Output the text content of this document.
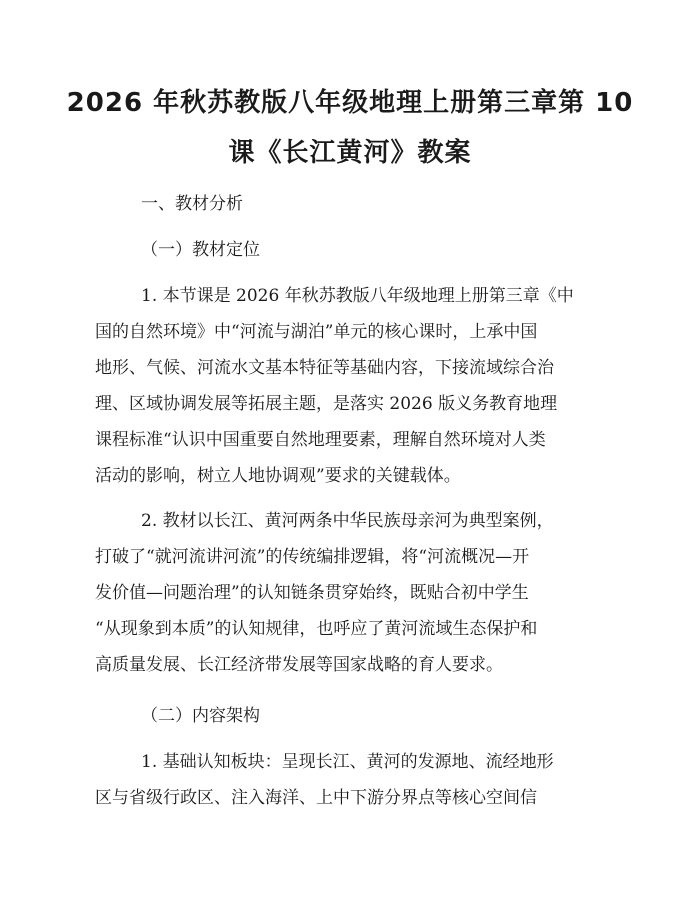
2026 年秋苏教版八年级地理上册第三章第 10
课《长江黄河》教案

一、教材分析

（一）教材定位

1. 本节课是 2026 年秋苏教版八年级地理上册第三章《中
国的自然环境》中“河流与湖泊”单元的核心课时，上承中国
地形、气候、河流水文基本特征等基础内容，下接流域综合治
理、区域协调发展等拓展主题，是落实 2026 版义务教育地理
课程标准“认识中国重要自然地理要素，理解自然环境对人类
活动的影响，树立人地协调观”要求的关键载体。
2. 教材以长江、黄河两条中华民族母亲河为典型案例，
打破了“就河流讲河流”的传统编排逻辑，将“河流概况—开
发价值—问题治理”的认知链条贯穿始终，既贴合初中学生
“从现象到本质”的认知规律，也呼应了黄河流域生态保护和
高质量发展、长江经济带发展等国家战略的育人要求。

（二）内容架构

1. 基础认知板块：呈现长江、黄河的发源地、流经地形
区与省级行政区、注入海洋、上中下游分界点等核心空间信
